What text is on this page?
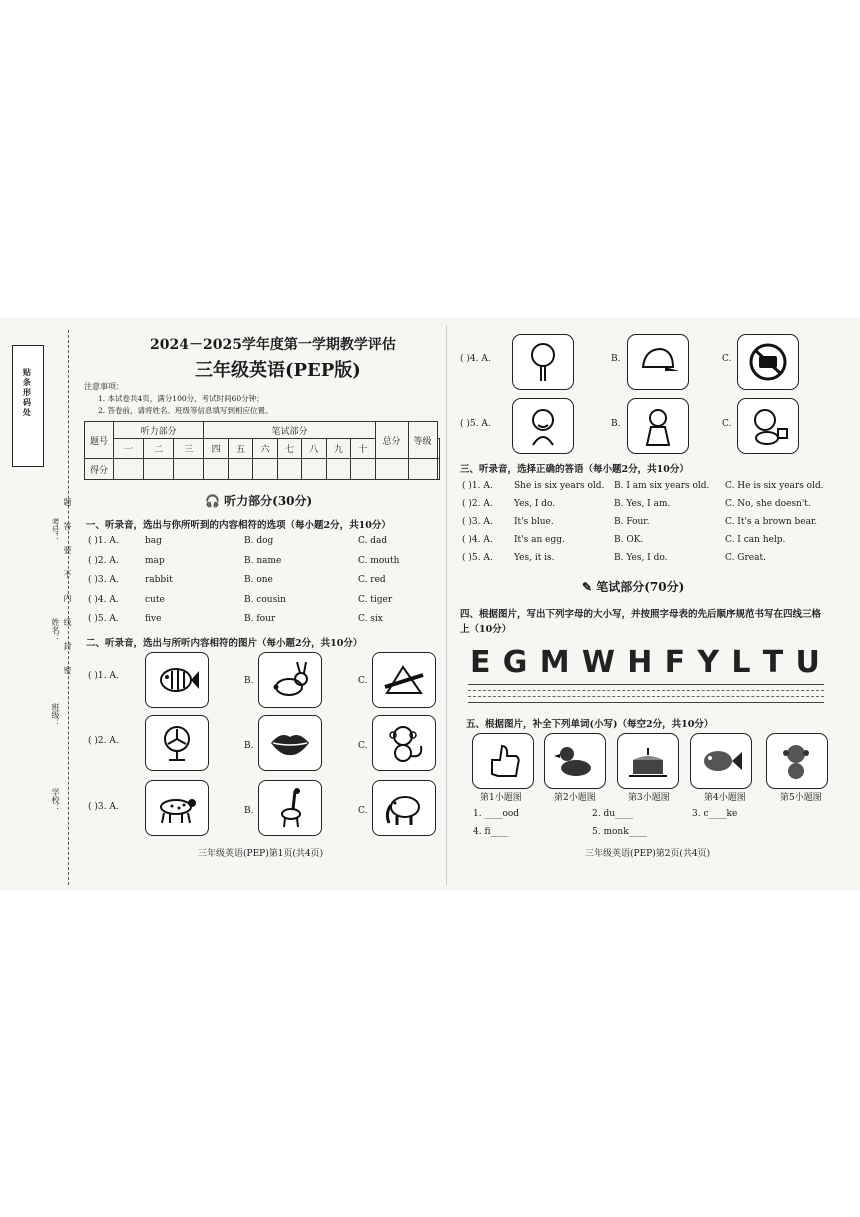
贴条形码处
考号：
姓名：
班级：
学校：
题
答
要
不
内
线
封
密
2024－2025学年度第一学期教学评估
三年级英语(PEP版)
注意事项：
1. 本试卷共4页，满分100分，考试时间60分钟；
2. 答卷前，请将姓名、班级等信息填写到相应位置。
题号	听力部分			笔试部分							总分	等级	
	一	二	三	四	五	六	七	八	九	十			
得分													
🎧 听力部分(30分)
一、听录音，选出与你所听到的内容相符的选项（每小题2分，共10分）
( )1. A.	bag	B. dog	C. dad
( )2. A.	map	B. name	C. mouth
( )3. A.	rabbit	B. one	C. red
( )4. A.	cute	B. cousin	C. tiger
( )5. A.	five	B. four	C. six
二、听录音，选出与所听内容相符的图片（每小题2分，共10分）
( )1. A.	B.	C.
( )2. A.	B.	C.
( )3. A.	B.	C.
三年级英语(PEP)第1页(共4页)
( )4. A.	B.	C.
( )5. A.	B.	C.
三、听录音，选择正确的答语（每小题2分，共10分）
( )1. A. She is six years old. B. I am six years old. C. He is six years old.
( )2. A. Yes, I do.	B. Yes, I am.	C. No, she doesn't.
( )3. A. It's blue.	B. Four.	C. It's a brown bear.
( )4. A. It's an egg.	B. OK.	C. I can help.
( )5. A. Yes, it is.	B. Yes, I do.	C. Great.
✎ 笔试部分(70分)
四、根据图片，写出下列字母的大小写，并按照字母表的先后顺序规范书写在四线三格上（10分）
E G M W H F Y L T U
五、根据图片，补全下列单词(小写)（每空2分，共10分）
第1小题图	第2小题图	第3小题图	第4小题图	第5小题图
1. ____ood	2. du____	3. c____ke
4. fi____	5. monk____
三年级英语(PEP)第2页(共4页)
